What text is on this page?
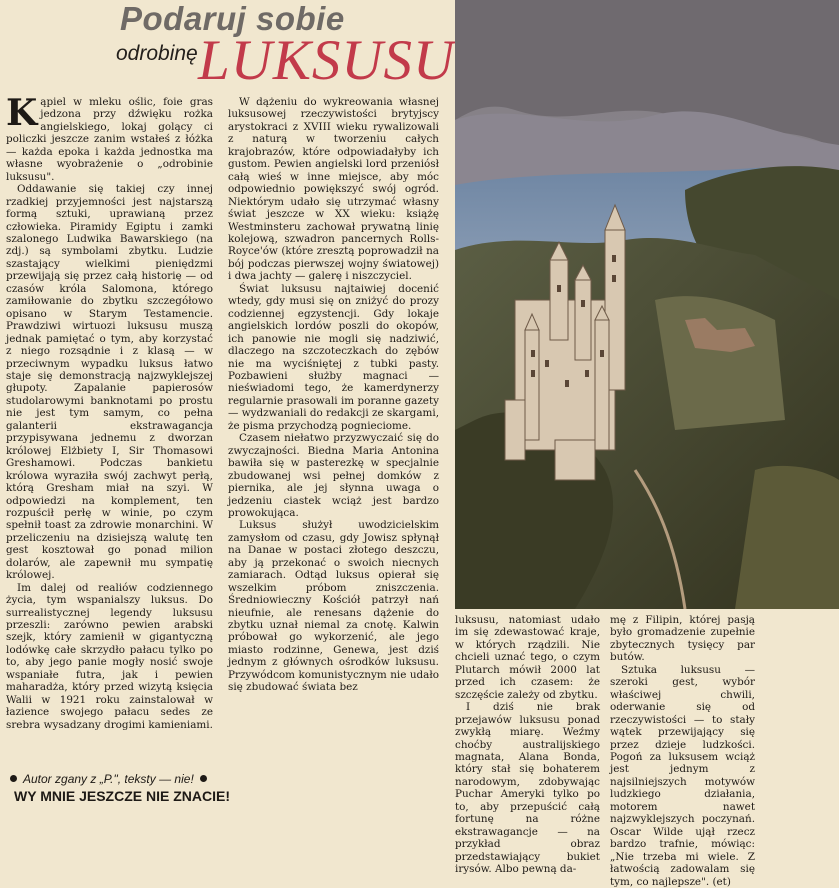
Podaruj sobie
LUKSUSU
odrobinę

Kąpiel w mleku oślic, foie gras jedzona przy dźwięku rożka angielskiego, lokaj golący ci policzki jeszcze zanim wstałeś z łóżka — każda epoka i każda jednostka ma własne wyobrażenie o „odrobinie luksusu".

Oddawanie się takiej czy innej rzadkiej przyjemności jest najstarszą formą sztuki, uprawianą przez człowieka. Piramidy Egiptu i zamki szalonego Ludwika Bawarskiego (na zdj.) są symbolami zbytku. Ludzie szastający wielkimi pieniędzmi przewijają się przez całą historię — od czasów króla Salomona, którego zamiłowanie do zbytku szczegółowo opisano w Starym Testamencie. Prawdziwi wirtuozi luksusu muszą jednak pamiętać o tym, aby korzystać z niego rozsądnie i z klasą — w przeciwnym wypadku luksus łatwo staje się demonstracją najzwyklejszej głupoty. Zapalanie papierosów studolarowymi banknotami po prostu nie jest tym samym, co pełna galanterii ekstrawagancja przypisywana jednemu z dworzan królowej Elżbiety I, Sir Thomasowi Greshamowi. Podczas bankietu królowa wyraziła swój zachwyt perłą, którą Gresham miał na szyi. W odpowiedzi na komplement, ten rozpuścił perłę w winie, po czym spełnił toast za zdrowie monarchini. W przeliczeniu na dzisiejszą walutę ten gest kosztował go ponad milion dolarów, ale zapewnił mu sympatię królowej.

Im dalej od realiów codziennego życia, tym wspanialszy luksus. Do surrealistycznej legendy luksusu przeszli: zarówno pewien arabski szejk, który zamienił w gigantyczną lodówkę całe skrzydło pałacu tylko po to, aby jego panie mogły nosić swoje wspaniałe futra, jak i pewien maharadża, który przed wizytą księcia Walii w 1921 roku zainstalował w łazience swojego pałacu sedes ze srebra wysadzany drogimi kamieniami.

W dążeniu do wykreowania własnej luksusowej rzeczywistości brytyjscy arystokraci z XVIII wieku rywalizowali z naturą w tworzeniu całych krajobrazów, które odpowiadałyby ich gustom. Pewien angielski lord przeniósł całą wieś w inne miejsce, aby móc odpowiednio powiększyć swój ogród. Niektórym udało się utrzymać własny świat jeszcze w XX wieku: książę Westminsteru zachował prywatną linię kolejową, szwadron pancernych Rolls-Royce'ów (które zresztą poprowadził na bój podczas pierwszej wojny światowej) i dwa jachty — galerę i niszczyciel.

Świat luksusu najtaiwiej docenić wtedy, gdy musi się on zniżyć do prozy codziennej egzystencji. Gdy lokaje angielskich lordów poszli do okopów, ich panowie nie mogli się nadziwić, dlaczego na szczoteczkach do zębów nie ma wyciśniętej z tubki pasty. Pozbawieni służby magnaci — nieświadomi tego, że kamerdynerzy regularnie prasowali im poranne gazety — wydzwaniali do redakcji ze skargami, że pisma przychodzą pognieciome.

Czasem niełatwo przyzwyczaić się do zwyczajności. Biedna Maria Antonina bawiła się w pasterezkę w specjalnie zbudowanej wsi pełnej domków z piernika, ale jej słynna uwaga o jedzeniu ciastek wciąż jest bardzo prowokująca.

Luksus służył uwodzicielskim zamysłom od czasu, gdy Jowisz spłynął na Danae w postaci złotego deszczu, aby ją przekonać o swoich niecnych zamiarach. Odtąd luksus opierał się wszelkim próbom zniszczenia. Średniowieczny Kościół patrzył nań nieufnie, ale renesans dążenie do zbytku uznał niemal za cnotę. Kalwin próbował go wykorzenić, ale jego miasto rodzinne, Genewa, jest dziś jednym z głównych ośrodków luksusu. Przywódcom komunistycznym nie udało się zbudować świata bez

luksusu, natomiast udało im się zdewastować kraje, w których rządzili. Nie chcieli uznać tego, o czym Plutarch mówił 2000 lat przed ich czasem: że szczęście zależy od zbytku.

I dziś nie brak przejawów luksusu ponad zwykłą miarę. Weźmy choćby australijskiego magnata, Alana Bonda, który stał się bohaterem narodowym, zdobywając Puchar Ameryki tylko po to, aby przepuścić całą fortunę na różne ekstrawagancje — na przykład obraz przedstawiający bukiet irysów. Albo pewną da-

mę z Filipin, której pasją było gromadzenie zupełnie zbytecznych tysięcy par butów.

Sztuka luksusu — szeroki gest, wybór właściwej chwili, oderwanie się od rzeczywistości — to stały wątek przewijający się przez dzieje ludzkości. Pogoń za luksusem wciąż jest jednym z najsilniejszych motywów ludzkiego działania, motorem nawet najzwyklejszych poczynań. Oscar Wilde ujął rzecz bardzo trafnie, mówiąc: „Nie trzeba mi wiele. Z łatwością zadowalam się tym, co najlepsze". (et)

Autor zgany z „P.", teksty — nie!
WY MNIE JESZCZE NIE ZNACIE!
